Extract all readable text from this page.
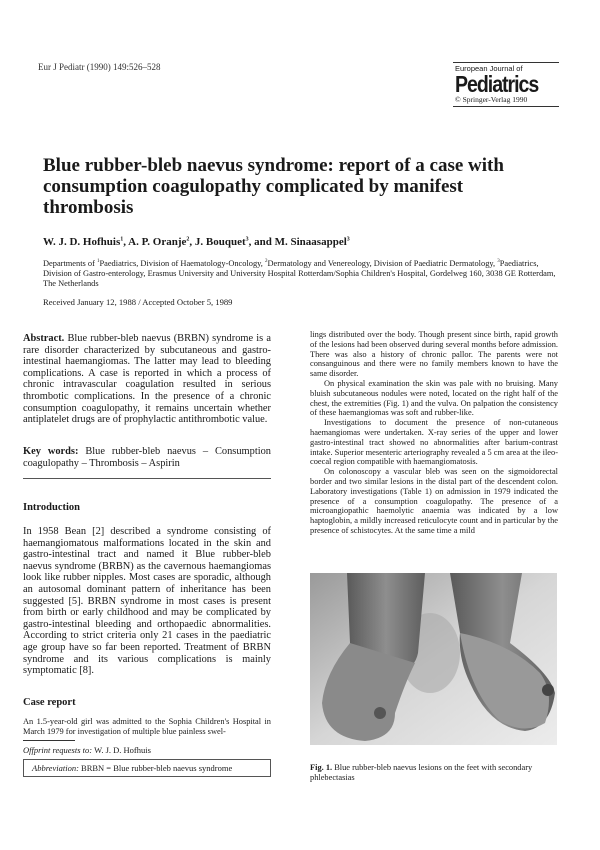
Eur J Pediatr (1990) 149:526–528	European Journal of
Pediatrics
© Springer-Verlag 1990
Blue rubber-bleb naevus syndrome: report of a case with consumption coagulopathy complicated by manifest thrombosis
W. J. D. Hofhuis$^1$, A. P. Oranje$^2$, J. Bouquet$^3$, and M. Sinaasappel$^3$
Departments of $^1$Paediatrics, Division of Haematology-Oncology, $^2$Dermatology and Venereology, Division of Paediatric Dermatology, $^3$Paediatrics, Division of Gastro-enterology, Erasmus University and University Hospital Rotterdam/Sophia Children's Hospital, Gordelweg 160, 3038 GE Rotterdam, The Netherlands
Received January 12, 1988 / Accepted October 5, 1989
Abstract. Blue rubber-bleb naevus (BRBN) syndrome is a rare disorder characterized by subcutaneous and gastro-intestinal haemangiomas. The latter may lead to bleeding complications. A case is reported in which a process of chronic intravascular coagulation resulted in serious thrombotic complications. In the presence of a chronic consumption coagulopathy, it remains uncertain whether antiplatelet drugs are of prophylactic antithrombotic value.
Key words: Blue rubber-bleb naevus – Consumption coagulopathy – Thrombosis – Aspirin
Introduction
In 1958 Bean [2] described a syndrome consisting of haemangiomatous malformations located in the skin and gastro-intestinal tract and named it Blue rubber-bleb naevus syndrome (BRBN) as the cavernous haemangiomas look like rubber nipples. Most cases are sporadic, although an autosomal dominant pattern of inheritance has been suggested [5]. BRBN syndrome in most cases is present from birth or early childhood and may be complicated by gastro-intestinal bleeding and orthopaedic abnormalities. According to strict criteria only 21 cases in the paediatric age group have so far been reported. Treatment of BRBN syndrome and its various complications is mainly symptomatic [8].
Case report
An 1.5-year-old girl was admitted to the Sophia Children's Hospital in March 1979 for investigation of multiple blue painless swel-
Offprint requests to: W. J. D. Hofhuis
Abbreviation: BRBN = Blue rubber-bleb naevus syndrome

lings distributed over the body. Though present since birth, rapid growth of the lesions had been observed during several months before admission. There was also a history of chronic pallor. The parents were not consanguinous and there were no family members known to have the same disorder.

On physical examination the skin was pale with no bruising. Many bluish subcutaneous nodules were noted, located on the right half of the chest, the extremities (Fig. 1) and the vulva. On palpation the consistency of these haemangiomas was soft and rubber-like.

Investigations to document the presence of non-cutaneous haemangiomas were undertaken. X-ray series of the upper and lower gastro-intestinal tract showed no abnormalities after barium-contrast intake. Superior mesenteric arteriography revealed a 5 cm area at the ileo-coecal region compatible with haemangiomatosis.

On colonoscopy a vascular bleb was seen on the sigmoidorectal border and two similar lesions in the distal part of the descendent colon. Laboratory investigations (Table 1) on admission in 1979 indicated the presence of a consumption coagulopathy. The presence of a microangiopathic haemolytic anaemia was indicated by a low haptoglobin, a mildly increased reticulocyte count and in particular by the presence of schistocytes. At the same time a mild

Fig. 1. Blue rubber-bleb naevus lesions on the feet with secondary phlebectasias
